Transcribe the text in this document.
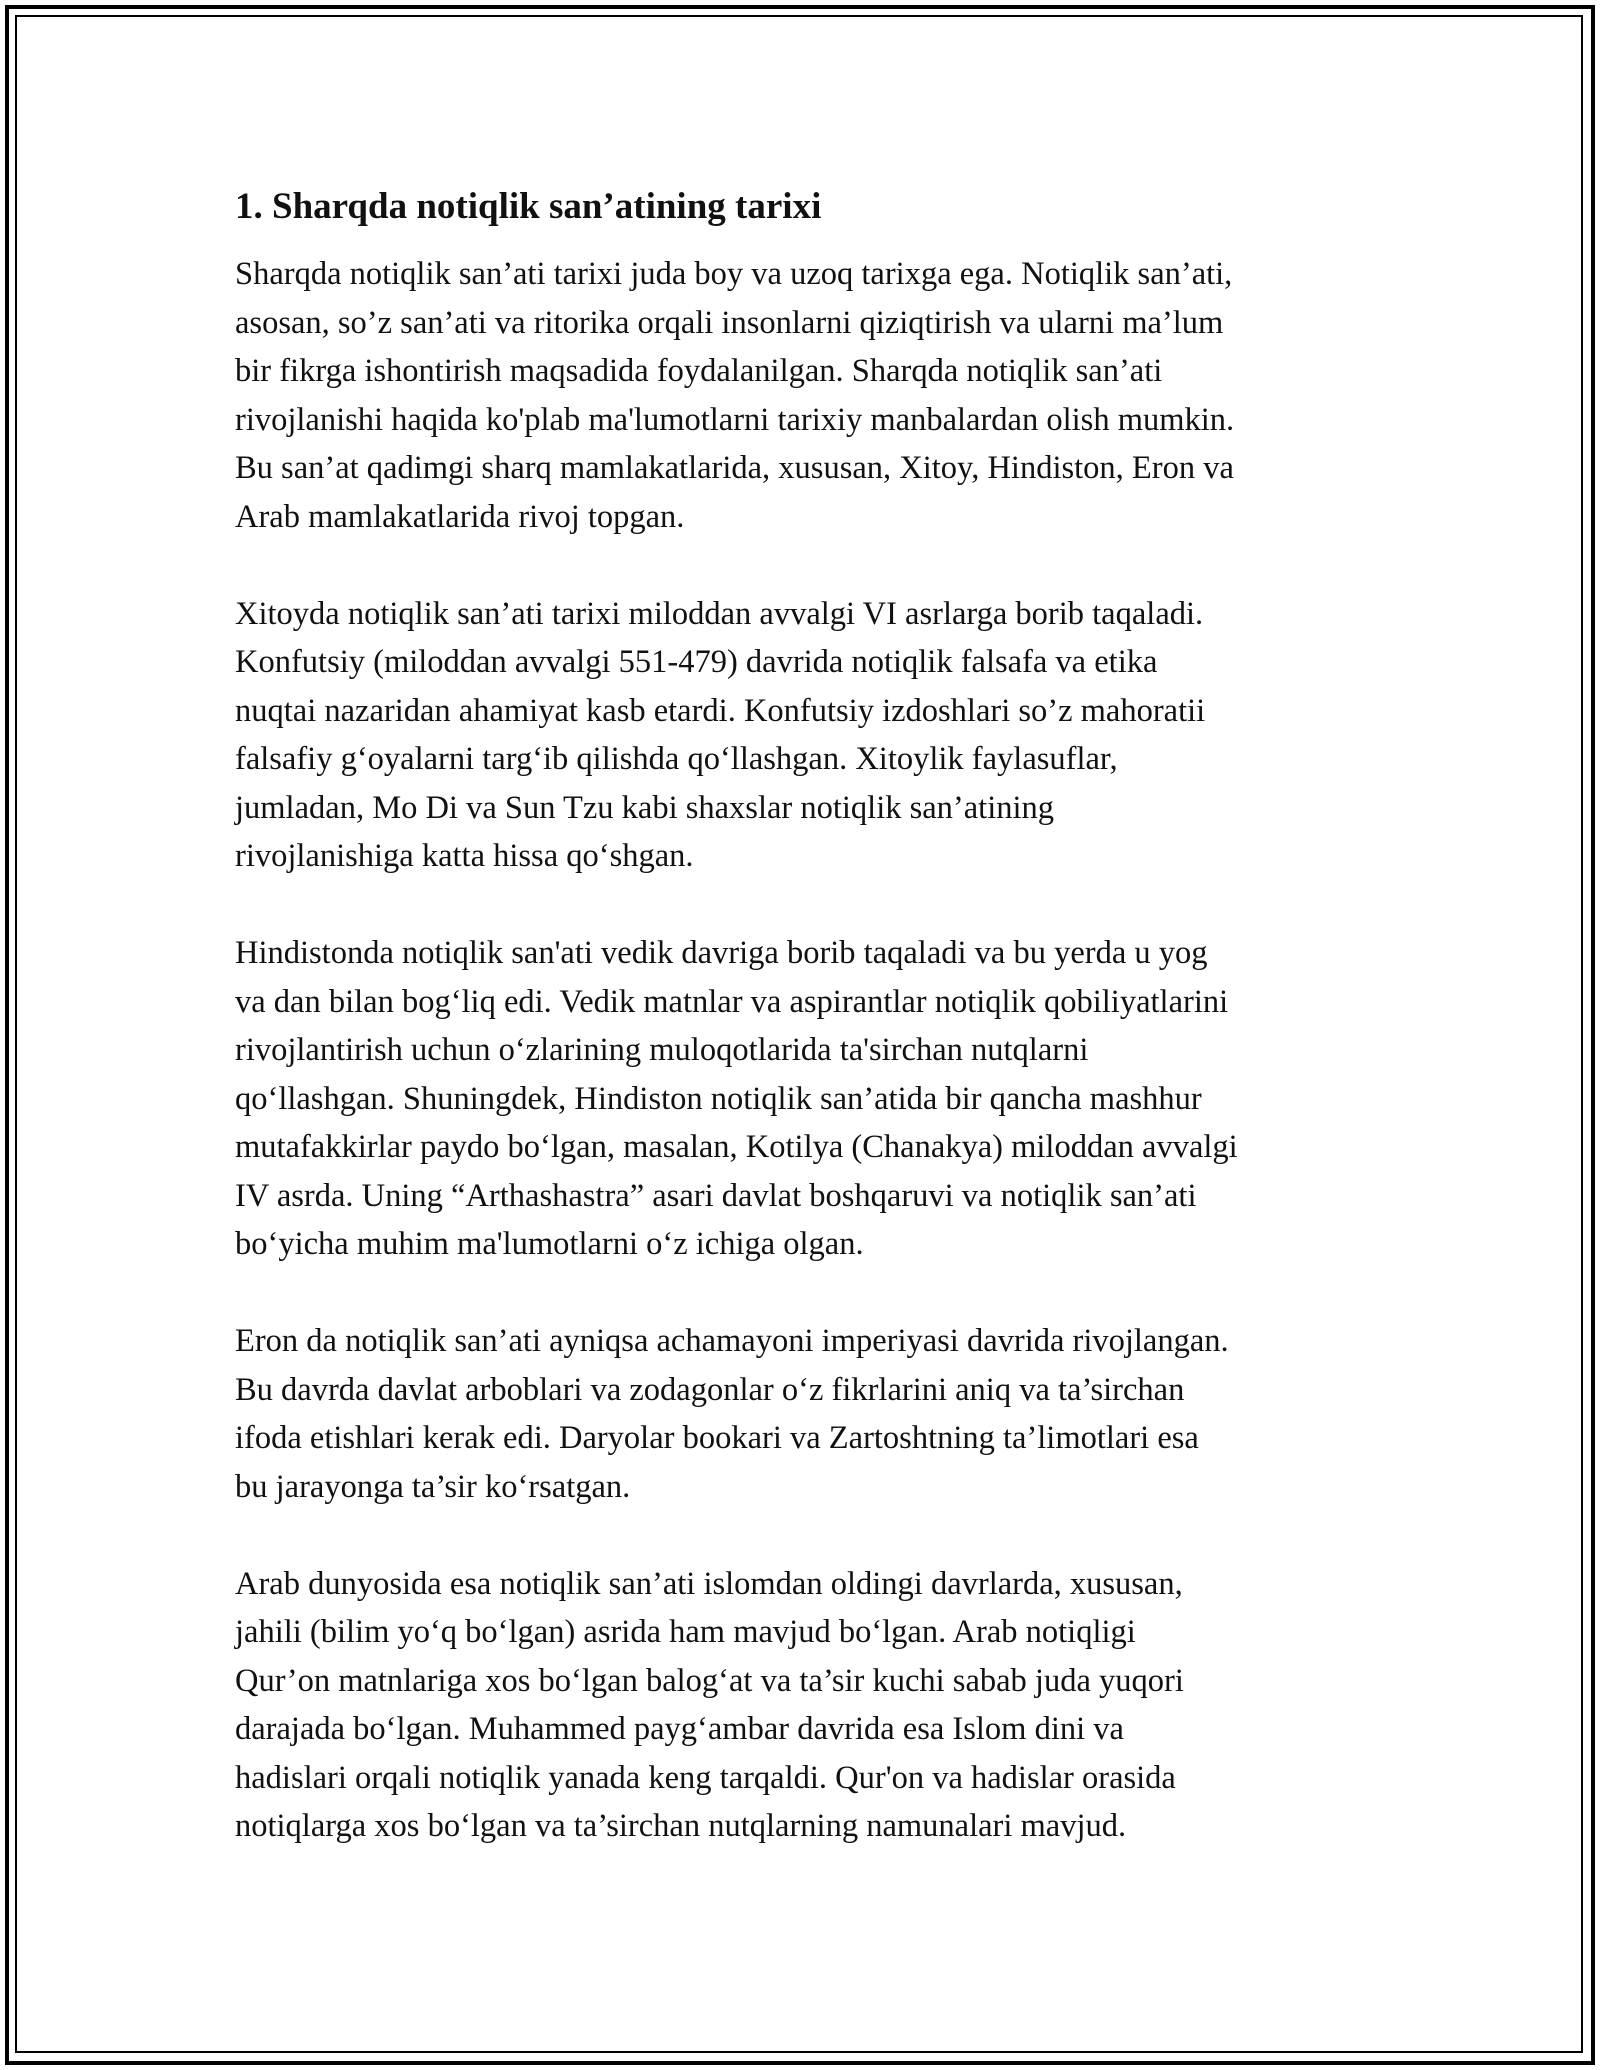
1. Sharqda notiqlik san’atining tarixi

Sharqda notiqlik san’ati tarixi juda boy va uzoq tarixga ega. Notiqlik san’ati,
asosan, so’z san’ati va ritorika orqali insonlarni qiziqtirish va ularni ma’lum
bir fikrga ishontirish maqsadida foydalanilgan. Sharqda notiqlik san’ati
rivojlanishi haqida ko'plab ma'lumotlarni tarixiy manbalardan olish mumkin.
Bu san’at qadimgi sharq mamlakatlarida, xususan, Xitoy, Hindiston, Eron va
Arab mamlakatlarida rivoj topgan.

Xitoyda notiqlik san’ati tarixi miloddan avvalgi VI asrlarga borib taqaladi.
Konfutsiy (miloddan avvalgi 551-479) davrida notiqlik falsafa va etika
nuqtai nazaridan ahamiyat kasb etardi. Konfutsiy izdoshlari so’z mahoratii
falsafiy g‘oyalarni targ‘ib qilishda qo‘llashgan. Xitoylik faylasuflar,
jumladan, Mo Di va Sun Tzu kabi shaxslar notiqlik san’atining
rivojlanishiga katta hissa qo‘shgan.

Hindistonda notiqlik san'ati vedik davriga borib taqaladi va bu yerda u yog
va dan bilan bog‘liq edi. Vedik matnlar va aspirantlar notiqlik qobiliyatlarini
rivojlantirish uchun o‘zlarining muloqotlarida ta'sirchan nutqlarni
qo‘llashgan. Shuningdek, Hindiston notiqlik san’atida bir qancha mashhur
mutafakkirlar paydo bo‘lgan, masalan, Kotilya (Chanakya) miloddan avvalgi
IV asrda. Uning “Arthashastra” asari davlat boshqaruvi va notiqlik san’ati
bo‘yicha muhim ma'lumotlarni o‘z ichiga olgan.

Eron da notiqlik san’ati ayniqsa achamayoni imperiyasi davrida rivojlangan.
Bu davrda davlat arboblari va zodagonlar o‘z fikrlarini aniq va ta’sirchan
ifoda etishlari kerak edi. Daryolar bookari va Zartoshtning ta’limotlari esa
bu jarayonga ta’sir ko‘rsatgan.

Arab dunyosida esa notiqlik san’ati islomdan oldingi davrlarda, xususan,
jahili (bilim yo‘q bo‘lgan) asrida ham mavjud bo‘lgan. Arab notiqligi
Qur’on matnlariga xos bo‘lgan balog‘at va ta’sir kuchi sabab juda yuqori
darajada bo‘lgan. Muhammed payg‘ambar davrida esa Islom dini va
hadislari orqali notiqlik yanada keng tarqaldi. Qur'on va hadislar orasida
notiqlarga xos bo‘lgan va ta’sirchan nutqlarning namunalari mavjud.
